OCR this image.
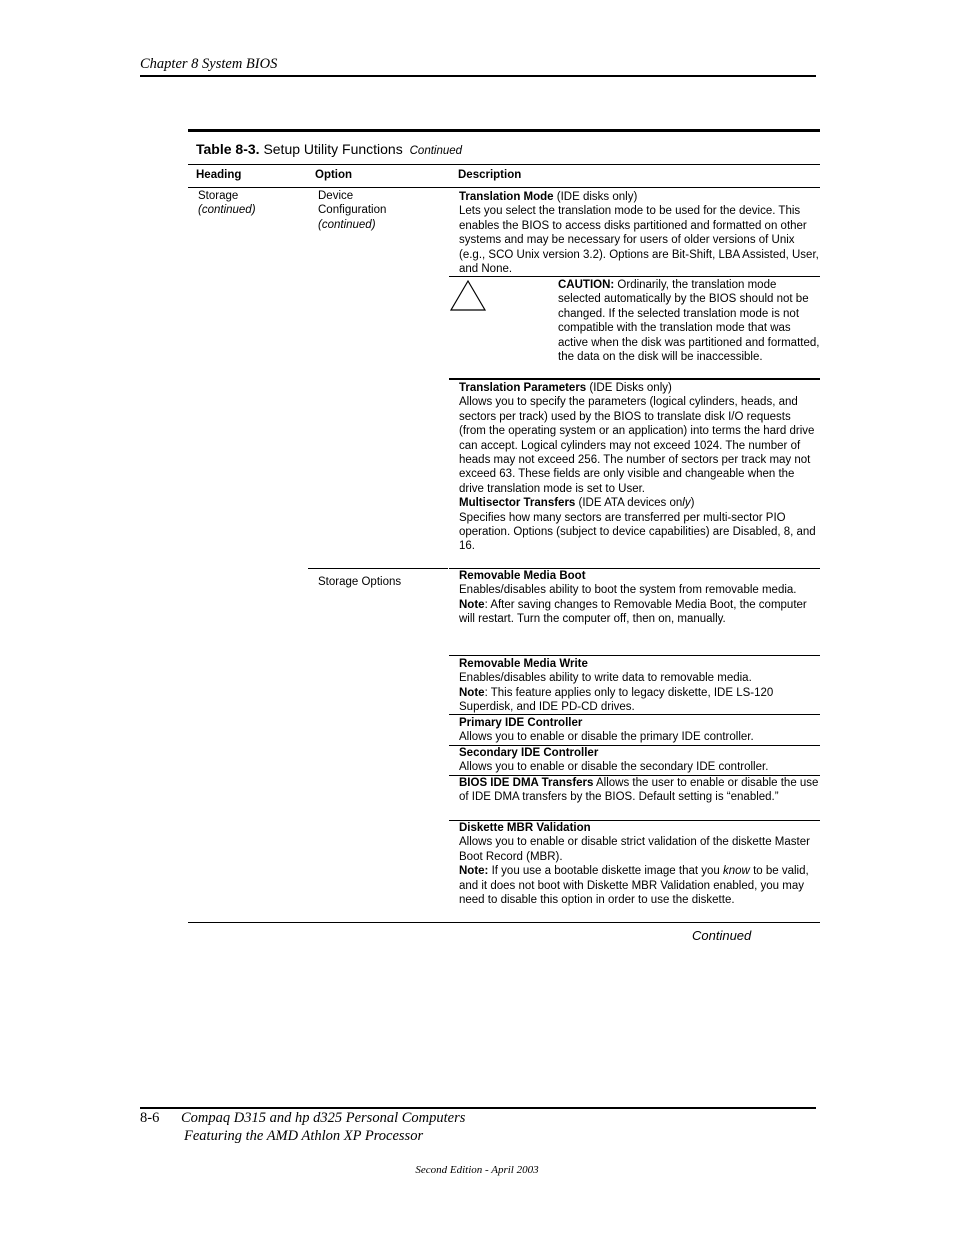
Chapter 8 System BIOS
Table 8-3. Setup Utility Functions Continued
Heading	Option	Description

Storage

(continued)

Device

Configuration

(continued)

Storage Options
Translation Mode (IDE disks only)

Lets you select the translation mode to be used for the device. This enables the BIOS to access disks partitioned and formatted on other systems and may be necessary for users of older versions of Unix (e.g., SCO Unix version 3.2). Options are Bit-Shift, LBA Assisted, User, and None.

CAUTION: Ordinarily, the translation mode selected automatically by the BIOS should not be changed. If the selected translation mode is not compatible with the translation mode that was active when the disk was partitioned and formatted, the data on the disk will be inaccessible.
Translation Parameters (IDE Disks only)

Allows you to specify the parameters (logical cylinders, heads, and sectors per track) used by the BIOS to translate disk I/O requests (from the operating system or an application) into terms the hard drive can accept. Logical cylinders may not exceed 1024. The number of heads may not exceed 256. The number of sectors per track may not exceed 63. These fields are only visible and changeable when the drive translation mode is set to User.

Multisector Transfers (IDE ATA devices only)

Specifies how many sectors are transferred per multi-sector PIO operation. Options (subject to device capabilities) are Disabled, 8, and 16.

Removable Media Boot

Enables/disables ability to boot the system from removable media.

Note: After saving changes to Removable Media Boot, the computer will restart. Turn the computer off, then on, manually.

Removable Media Write

Enables/disables ability to write data to removable media.

Note: This feature applies only to legacy diskette, IDE LS-120 Superdisk, and IDE PD-CD drives.

Primary IDE Controller

Allows you to enable or disable the primary IDE controller.

Secondary IDE Controller

Allows you to enable or disable the secondary IDE controller.

BIOS IDE DMA Transfers Allows the user to enable or disable the use of IDE DMA transfers by the BIOS. Default setting is “enabled.”
Diskette MBR Validation

Allows you to enable or disable strict validation of the diskette Master Boot Record (MBR).

Note: If you use a bootable diskette image that you know to be valid, and it does not boot with Diskette MBR Validation enabled, you may need to disable this option in order to use the diskette.

Continued
8-6 Compaq D315 and hp d325 Personal Computers
Featuring the AMD Athlon XP Processor
Second Edition - April 2003
